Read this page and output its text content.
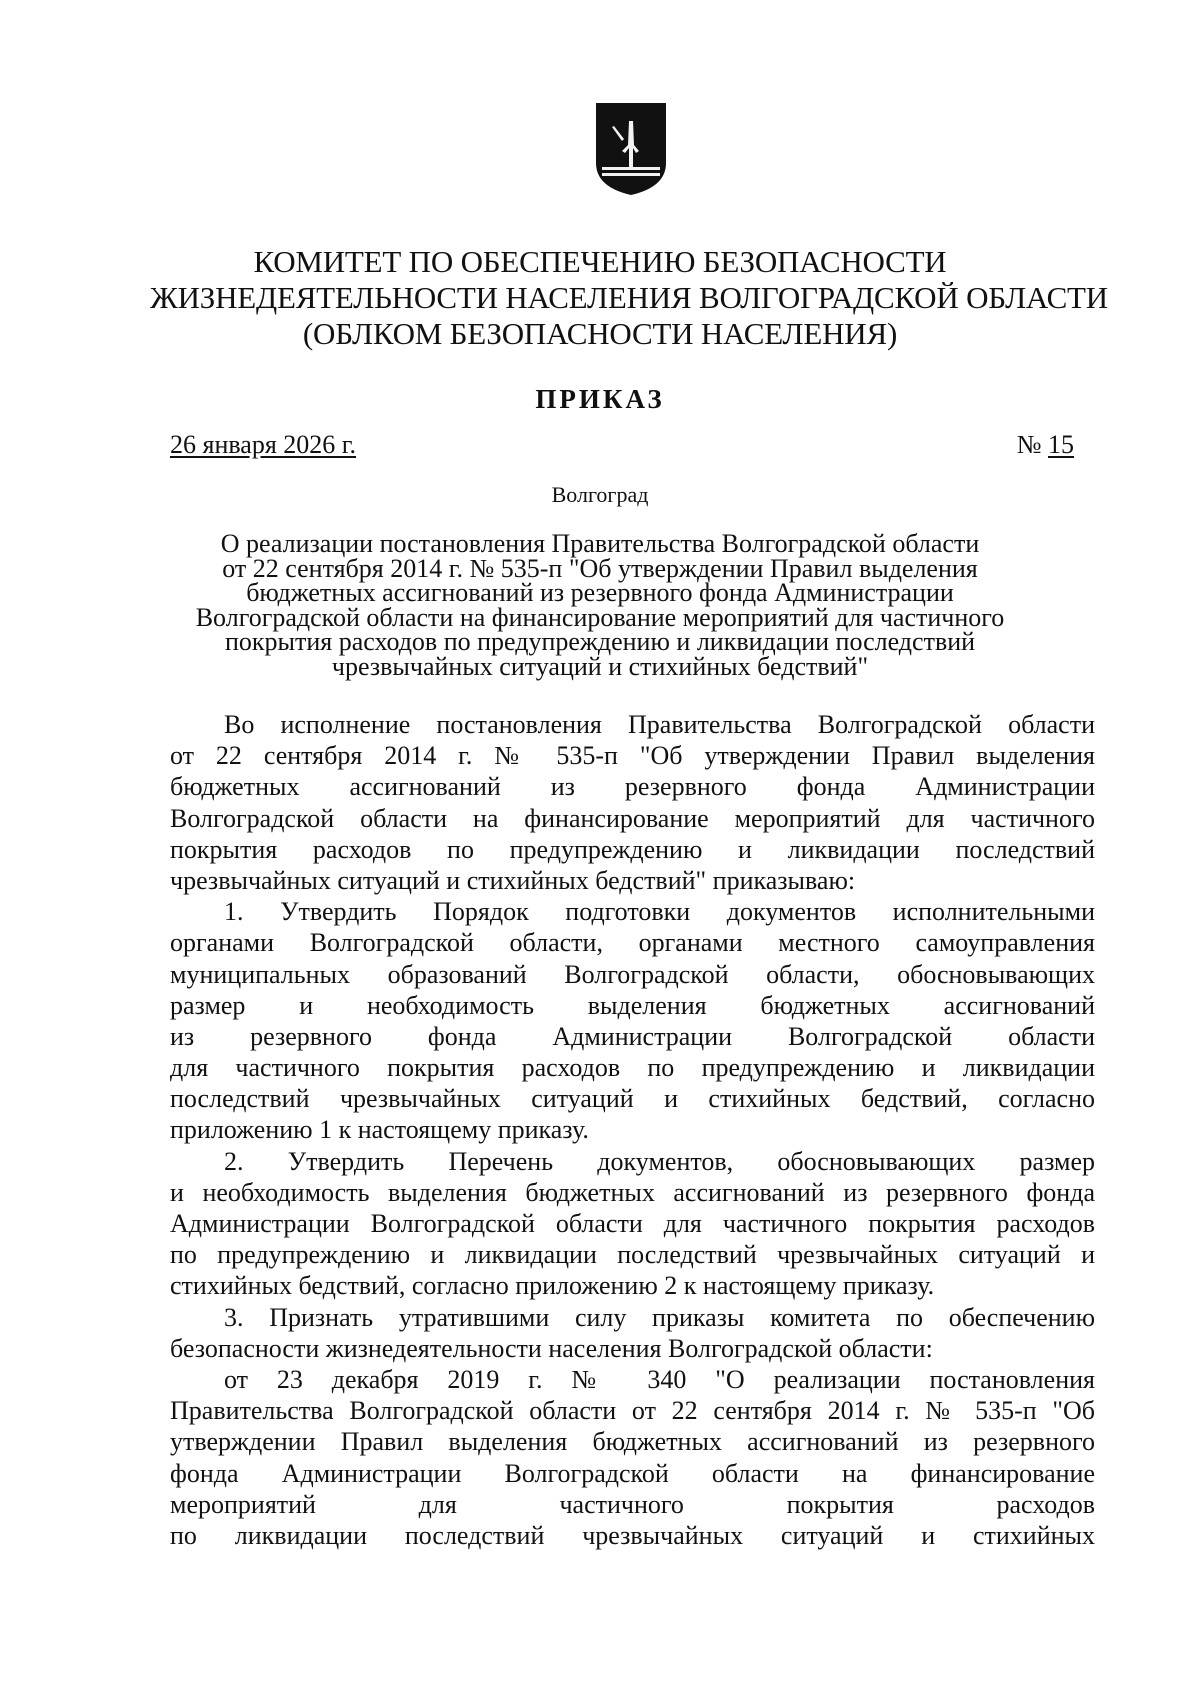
КОМИТЕТ ПО ОБЕСПЕЧЕНИЮ БЕЗОПАСНОСТИ
ЖИЗНЕДЕЯТЕЛЬНОСТИ НАСЕЛЕНИЯ ВОЛГОГРАДСКОЙ ОБЛАСТИ
(ОБЛКОМ БЕЗОПАСНОСТИ НАСЕЛЕНИЯ)
ПРИКАЗ
26 января 2026 г.	№ 15
Волгоград
О реализации постановления Правительства Волгоградской области
от 22 сентября 2014 г. № 535-п "Об утверждении Правил выделения
бюджетных ассигнований из резервного фонда Администрации
Волгоградской области на финансирование мероприятий для частичного
покрытия расходов по предупреждению и ликвидации последствий
чрезвычайных ситуаций и стихийных бедствий"
Во исполнение постановления Правительства Волгоградской области
от 22 сентября 2014 г. № 535-п "Об утверждении Правил выделения
бюджетных ассигнований из резервного фонда Администрации
Волгоградской области на финансирование мероприятий для частичного
покрытия расходов по предупреждению и ликвидации последствий
чрезвычайных ситуаций и стихийных бедствий" приказываю:
1. Утвердить Порядок подготовки документов исполнительными
органами Волгоградской области, органами местного самоуправления
муниципальных образований Волгоградской области, обосновывающих
размер и необходимость выделения бюджетных ассигнований
из резервного фонда Администрации Волгоградской области
для частичного покрытия расходов по предупреждению и ликвидации
последствий чрезвычайных ситуаций и стихийных бедствий, согласно
приложению 1 к настоящему приказу.
2. Утвердить Перечень документов, обосновывающих размер
и необходимость выделения бюджетных ассигнований из резервного фонда
Администрации Волгоградской области для частичного покрытия расходов
по предупреждению и ликвидации последствий чрезвычайных ситуаций и
стихийных бедствий, согласно приложению 2 к настоящему приказу.
3. Признать утратившими силу приказы комитета по обеспечению
безопасности жизнедеятельности населения Волгоградской области:
от 23 декабря 2019 г. № 340 "О реализации постановления
Правительства Волгоградской области от 22 сентября 2014 г. № 535-п "Об
утверждении Правил выделения бюджетных ассигнований из резервного
фонда Администрации Волгоградской области на финансирование
мероприятий для частичного покрытия расходов
по ликвидации последствий чрезвычайных ситуаций и стихийных
